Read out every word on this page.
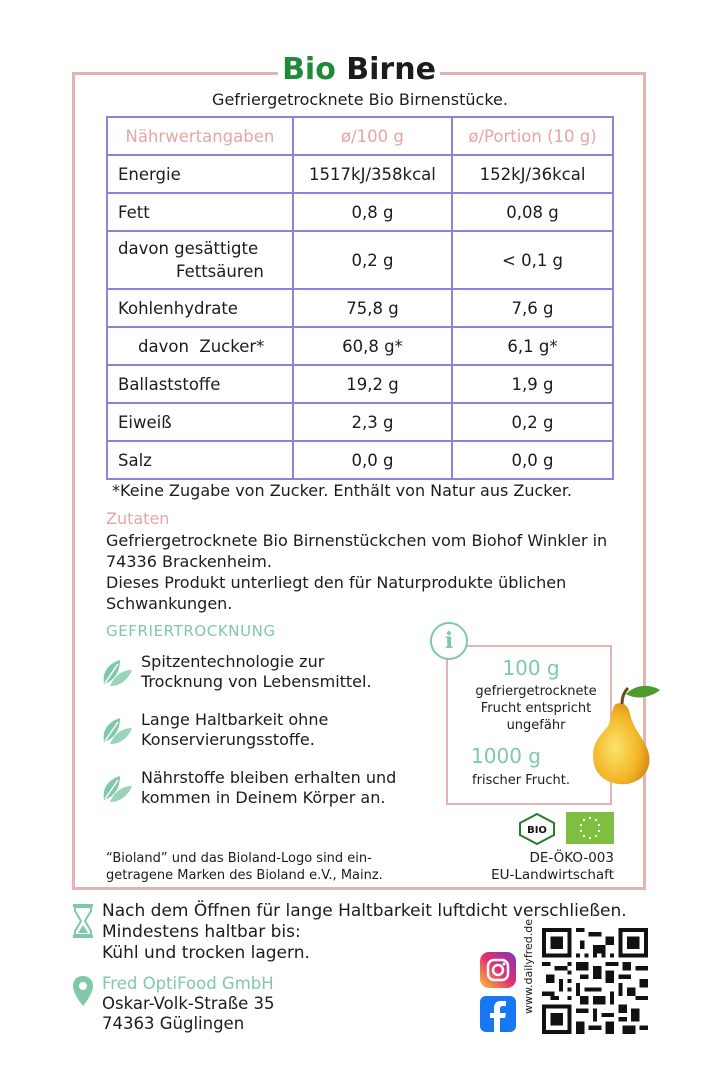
Bio Birne
Gefriergetrocknete Bio Birnenstücke.
Nährwertangaben	ø/100 g	ø/Portion (10 g)
Energie	1517kJ/358kcal	152kJ/36kcal
Fett	0,8 g	0,08 g

davon gesättigte
Fettsäuren	0,2 g	< 0,1 g
Kohlenhydrate	75,8 g	7,6 g
davon  Zucker*	60,8 g*	6,1 g*
Ballaststoffe	19,2 g	1,9 g
Eiweiß	2,3 g	0,2 g
Salz	0,0 g	0,0 g
*Keine Zugabe von Zucker. Enthält von Natur aus Zucker.
Zutaten

Gefriergetrocknete Bio Birnenstückchen vom Biohof Winkler in 74336 Brackenheim.

Dieses Produkt unterliegt den für Naturprodukte üblichen Schwankungen.

GEFRIERTROCKNUNG
Spitzentechnologie zur
Trocknung von Lebensmittel.
Lange Haltbarkeit ohne
Konservierungsstoffe.
Nährstoffe bleiben erhalten und
kommen in Deinem Körper an.
i
100 g
gefriergetrocknete
Frucht entspricht
ungefähr
1000 g
frischer Frucht.
BIO
“Bioland” und das Bioland-Logo sind ein-
getragene Marken des Bioland e.V., Mainz.
DE-ÖKO-003
EU-Landwirtschaft
Nach dem Öffnen für lange Haltbarkeit luftdicht verschließen.
Mindestens haltbar bis:
Kühl und trocken lagern.
Fred OptiFood GmbH
Oskar-Volk-Straße 35
74363 Güglingen
www.dailyfred.de
